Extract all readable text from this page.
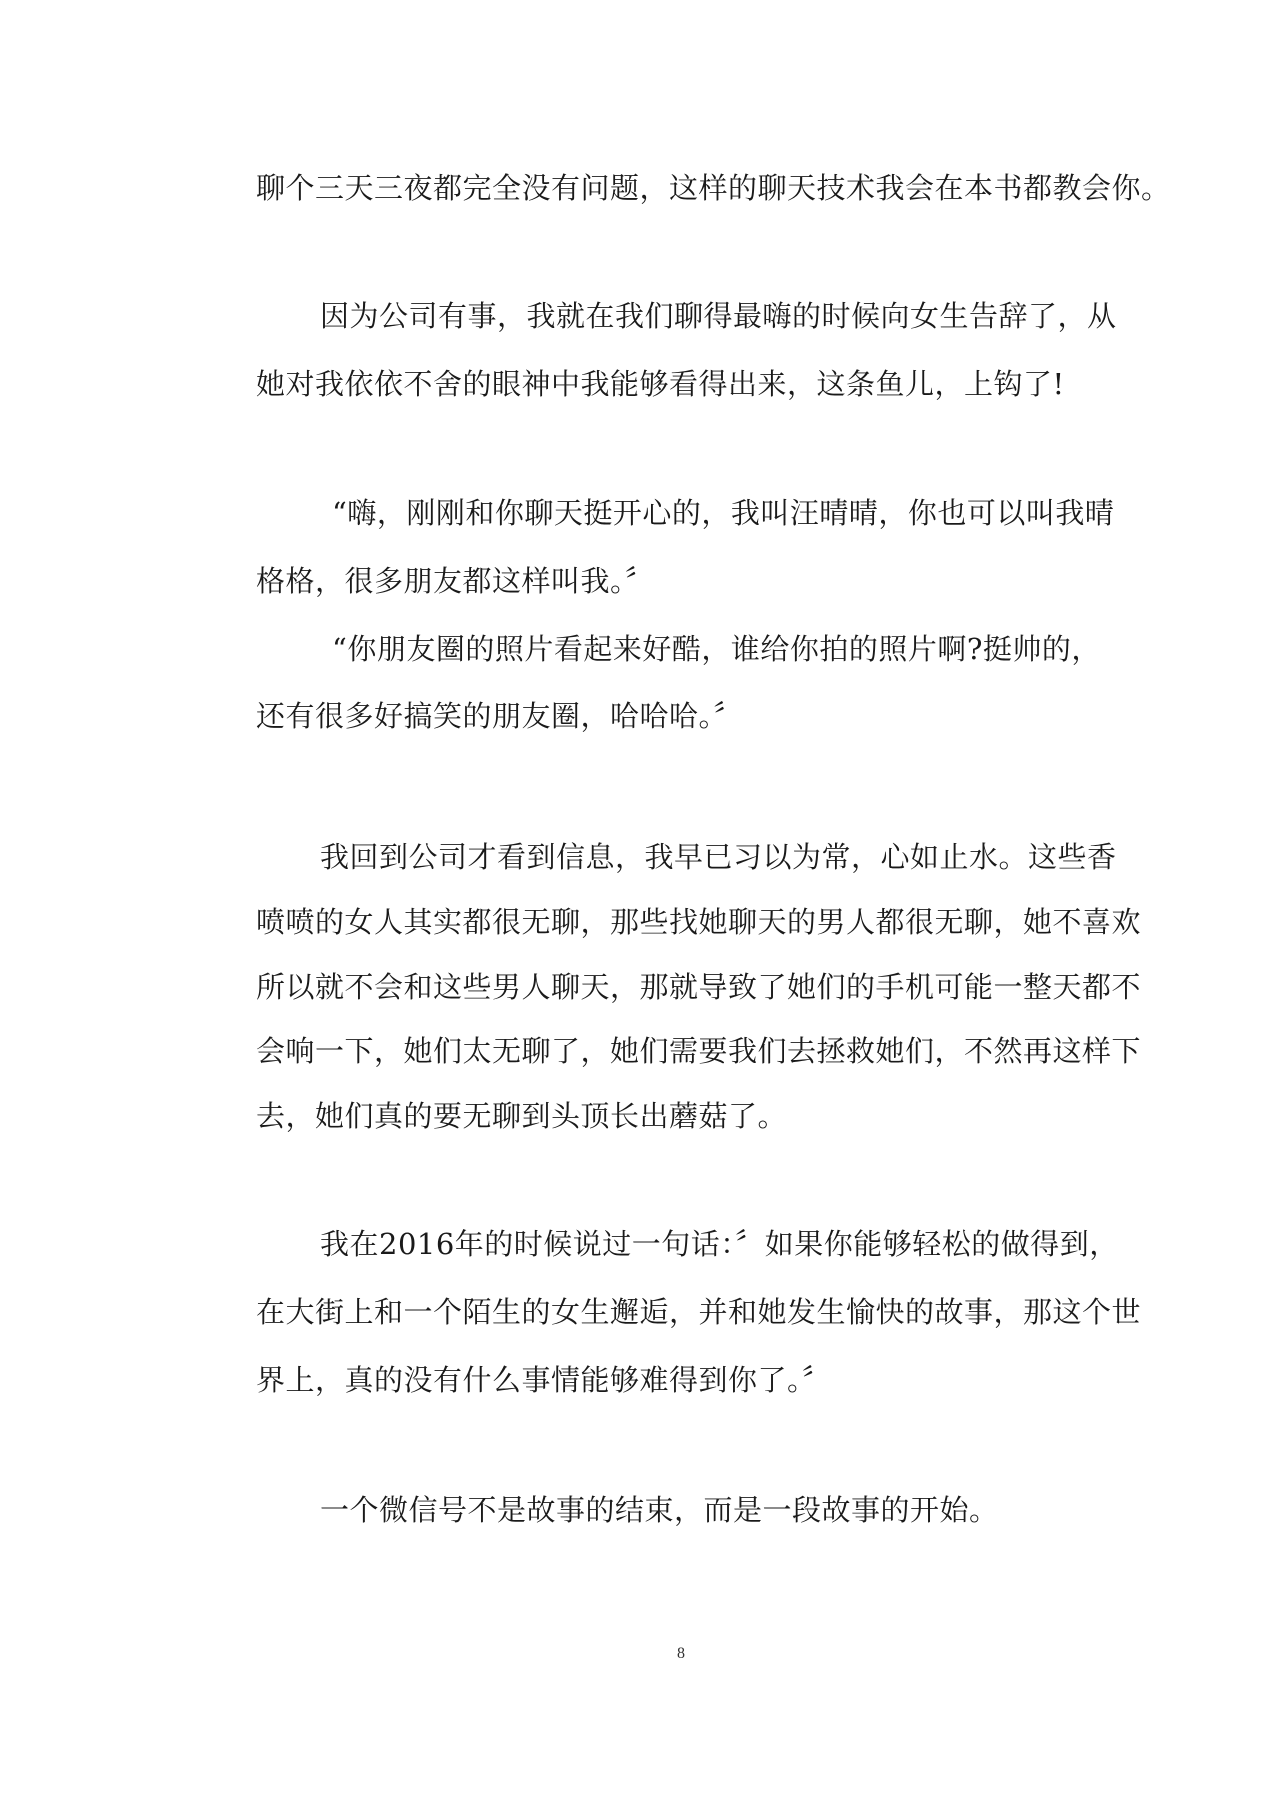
聊个三天三夜都完全没有问题，这样的聊天技术我会在本书都教会你。
因为公司有事，我就在我们聊得最嗨的时候向女生告辞了，从
她对我依依不舍的眼神中我能够看得出来，这条鱼儿，上钩了!
“嗨，刚刚和你聊天挺开心的，我叫汪晴晴，你也可以叫我晴
格格，很多朋友都这样叫我。〞
“你朋友圈的照片看起来好酷，谁给你拍的照片啊?挺帅的，
还有很多好搞笑的朋友圈，哈哈哈。〞
我回到公司才看到信息，我早已习以为常，心如止水。这些香
喷喷的女人其实都很无聊，那些找她聊天的男人都很无聊，她不喜欢
所以就不会和这些男人聊天，那就导致了她们的手机可能一整天都不
会响一下，她们太无聊了，她们需要我们去拯救她们，不然再这样下
去，她们真的要无聊到头顶长出蘑菇了。
我在2016年的时候说过一句话：〞如果你能够轻松的做得到，
在大街上和一个陌生的女生邂逅，并和她发生愉快的故事，那这个世
界上，真的没有什么事情能够难得到你了。〞
一个微信号不是故事的结束，而是一段故事的开始。
8
